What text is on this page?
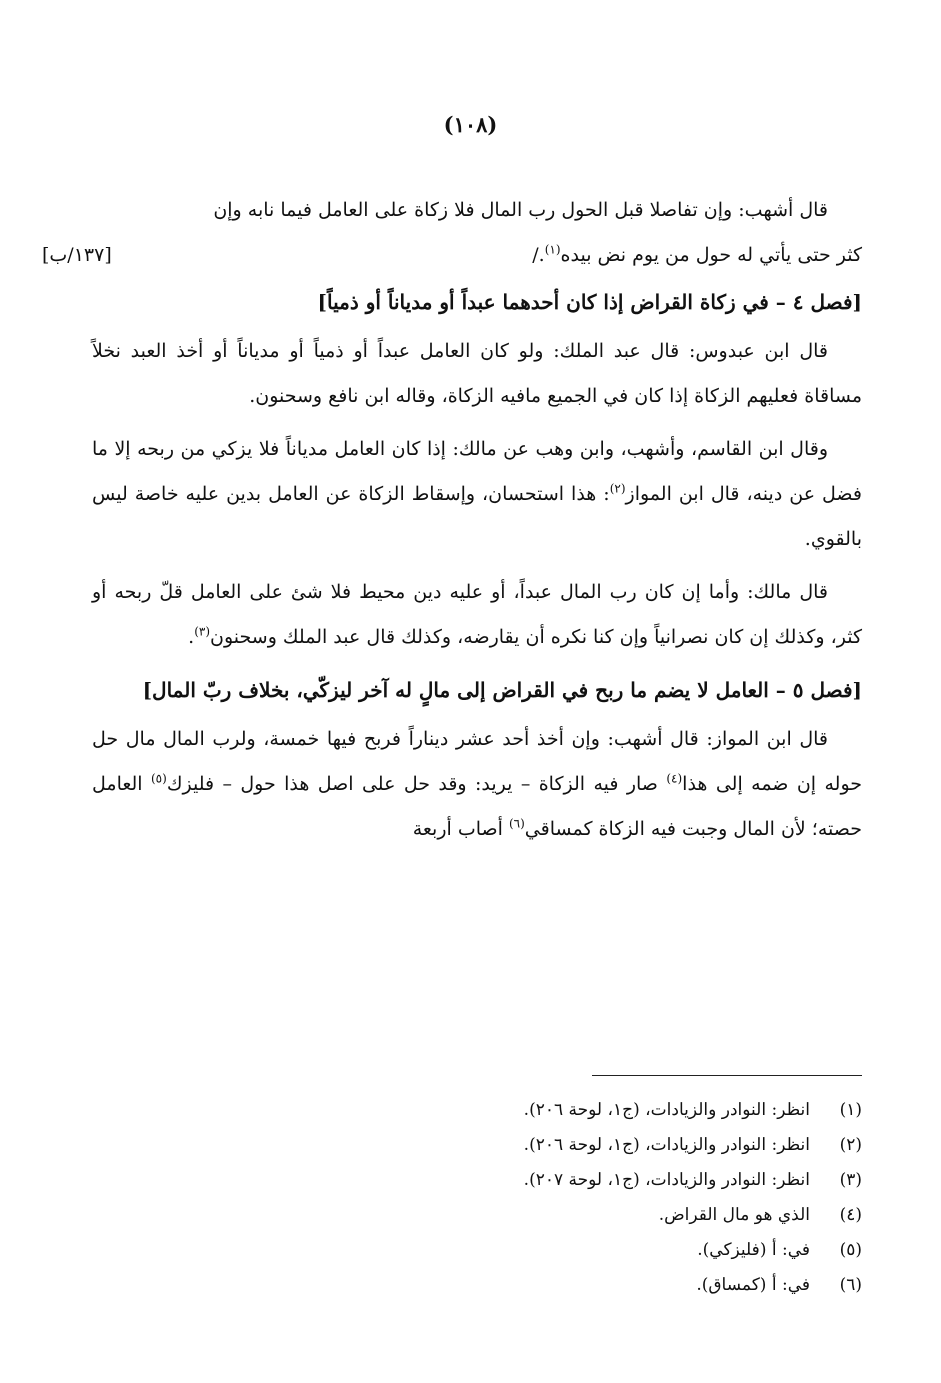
(١٠٨)

قال أشهب: وإن تفاصلا قبل الحول رب المال فلا زكاة على العامل فيما نابه وإن

كثر حتى يأتي له حول من يوم نض بيده$^{(١)}$./
[١٣٧/ب]
[فصل ٤ – في زكاة القراض إذا كان أحدهما عبداً أو مدياناً أو ذمياً]

قال ابن عبدوس: قال عبد الملك: ولو كان العامل عبداً أو ذمياً أو مدياناً أو أخذ العبد نخلاً مساقاة فعليهم الزكاة إذا كان في الجميع مافيه الزكاة، وقاله ابن نافع وسحنون.

وقال ابن القاسم، وأشهب، وابن وهب عن مالك: إذا كان العامل مدياناً فلا يزكي من ربحه إلا ما فضل عن دينه، قال ابن المواز$^{(٢)}$: هذا استحسان، وإسقاط الزكاة عن العامل بدين عليه خاصة ليس بالقوي.

قال مالك: وأما إن كان رب المال عبداً، أو عليه دين محيط فلا شئ على العامل قلّ ربحه أو كثر، وكذلك إن كان نصرانياً وإن كنا نكره أن يقارضه، وكذلك قال عبد الملك وسحنون$^{(٣)}$.

[فصل ٥ – العامل لا يضم ما ربح في القراض إلى مالٍ له آخر ليزكّي، بخلاف ربّ المال]

قال ابن المواز: قال أشهب: وإن أخذ أحد عشر ديناراً فربح فيها خمسة، ولرب المال مال حل حوله إن ضمه إلى هذا$^{(٤)}$ صار فيه الزكاة – يريد: وقد حل على اصل هذا حول – فليزك$^{(٥)}$ العامل حصته؛ لأن المال وجبت فيه الزكاة كمساقي$^{(٦)}$ أصاب أربعة

(١)
انظر: النوادر والزيادات، (ج١، لوحة ٢٠٦).
(٢)
انظر: النوادر والزيادات، (ج١، لوحة ٢٠٦).
(٣)
انظر: النوادر والزيادات، (ج١، لوحة ٢٠٧).
(٤)
الذي هو مال القراض.
(٥)
في: أ (فليزكي).
(٦)
في: أ (كمساق).
